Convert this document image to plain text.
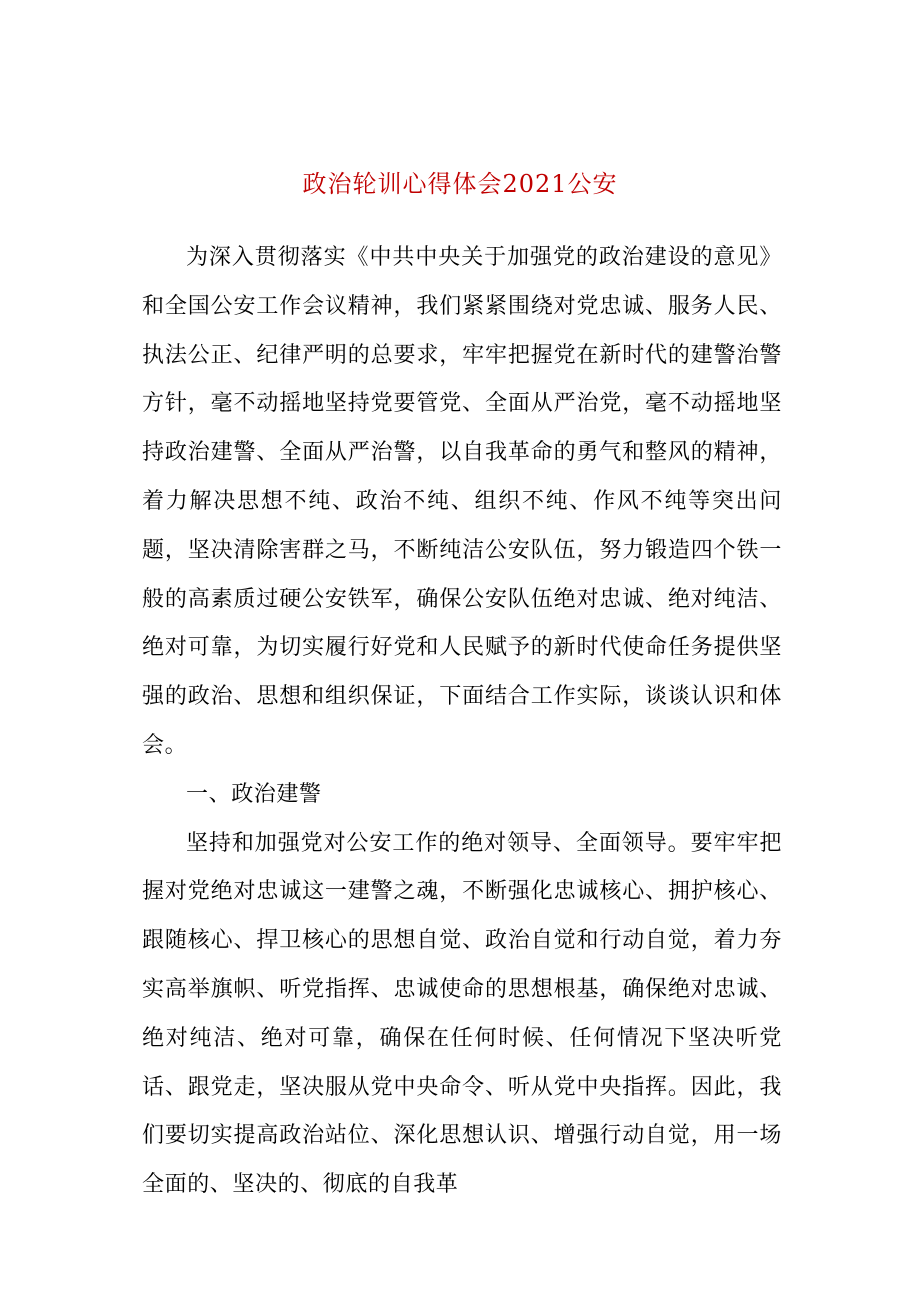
政治轮训心得体会2021公安

为深入贯彻落实《中共中央关于加强党的政治建设的意见》和全国公安工作会议精神，我们紧紧围绕对党忠诚、服务人民、执法公正、纪律严明的总要求，牢牢把握党在新时代的建警治警方针，毫不动摇地坚持党要管党、全面从严治党，毫不动摇地坚持政治建警、全面从严治警，以自我革命的勇气和整风的精神，着力解决思想不纯、政治不纯、组织不纯、作风不纯等突出问题，坚决清除害群之马，不断纯洁公安队伍，努力锻造四个铁一般的高素质过硬公安铁军，确保公安队伍绝对忠诚、绝对纯洁、绝对可靠，为切实履行好党和人民赋予的新时代使命任务提供坚强的政治、思想和组织保证，下面结合工作实际，谈谈认识和体会。

一、政治建警

坚持和加强党对公安工作的绝对领导、全面领导。要牢牢把握对党绝对忠诚这一建警之魂，不断强化忠诚核心、拥护核心、跟随核心、捍卫核心的思想自觉、政治自觉和行动自觉，着力夯实高举旗帜、听党指挥、忠诚使命的思想根基，确保绝对忠诚、绝对纯洁、绝对可靠，确保在任何时候、任何情况下坚决听党话、跟党走，坚决服从党中央命令、听从党中央指挥。因此，我们要切实提高政治站位、深化思想认识、增强行动自觉，用一场全面的、坚决的、彻底的自我革
